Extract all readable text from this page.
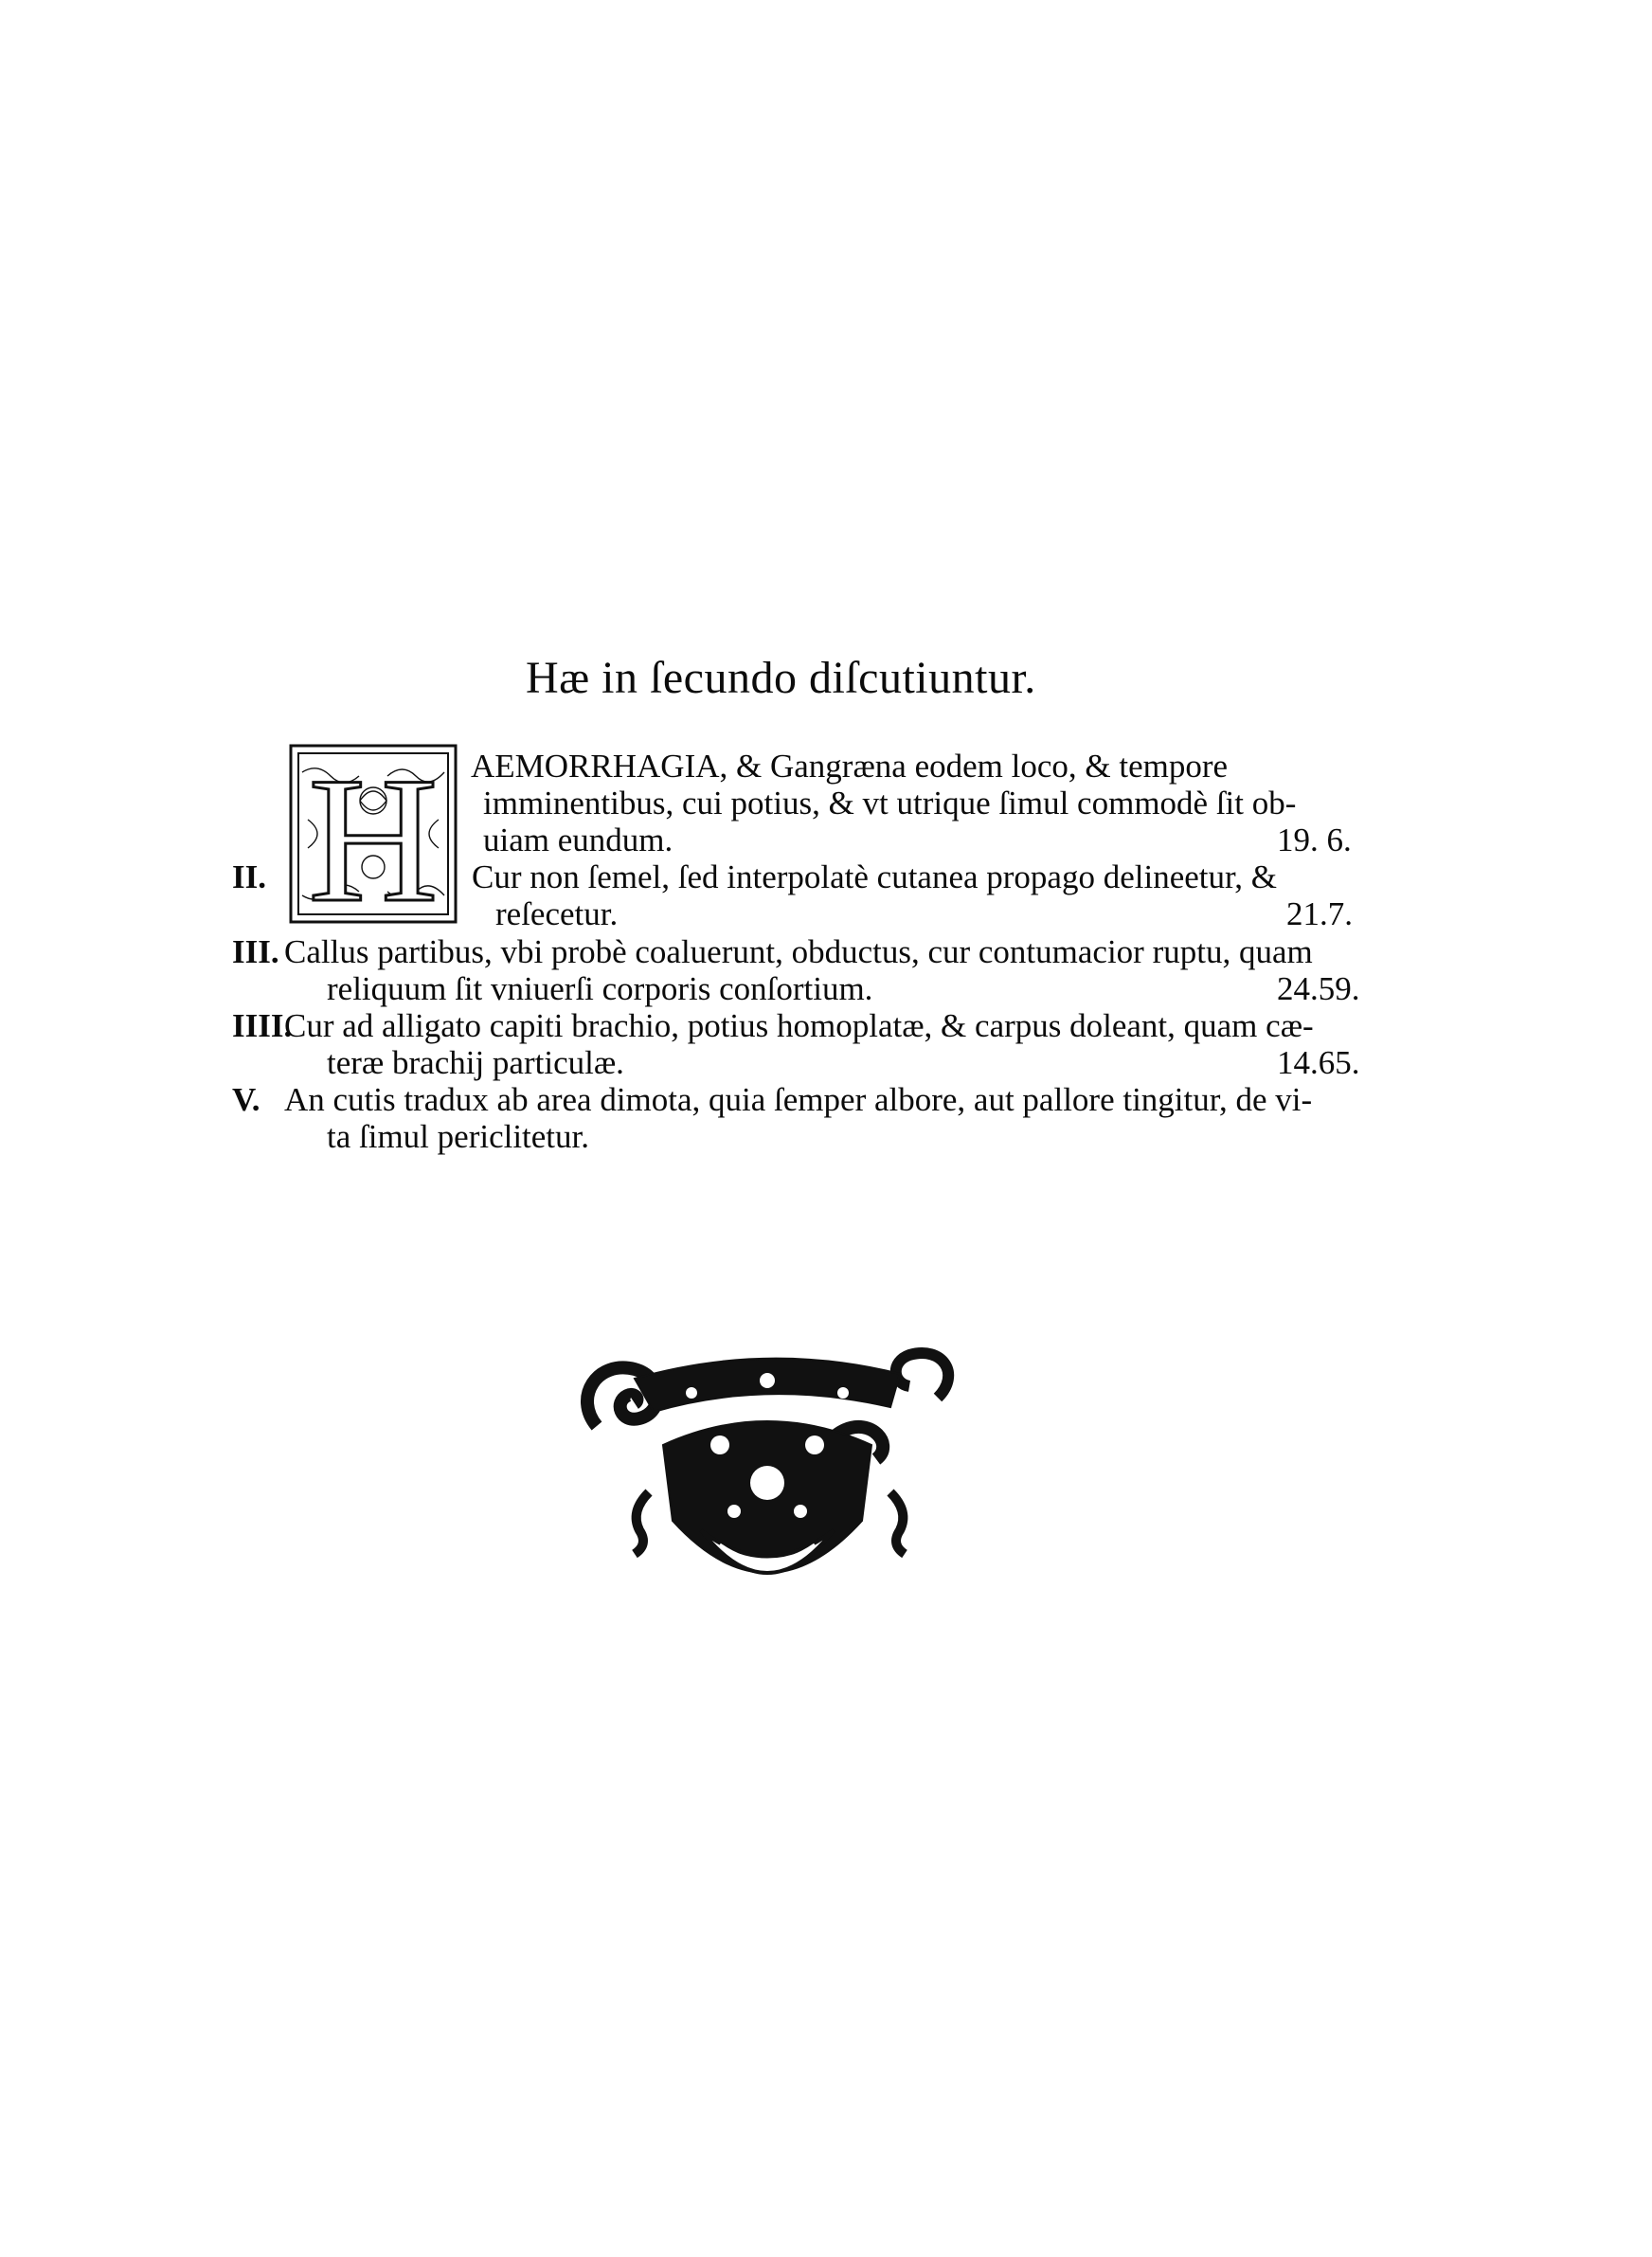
Hæ in ſecundo diſcutiuntur.
H AEMORRHAGIA, & Gangræna eodem loco, & tempore
imminentibus, cui potius, & vt utrique ſimul commodè ſit ob-
uiam eundum.	19. 6.
II.	Cur non ſemel, ſed interpolatè cutanea propago delineetur, &
reſecetur.	21.7.
III. Callus partibus, vbi probè coaluerunt, obductus, cur contumacior ruptu, quam
reliquum ſit vniuerſi corporis conſortium.	24.59.
IIII.
Cur ad alligato capiti brachio, potius homoplatæ, & carpus doleant, quam cæ-
teræ brachij particulæ.	14.65.
V. An cutis tradux ab area dimota, quia ſemper albore, aut pallore tingitur, de vi-
ta ſimul periclitetur.
